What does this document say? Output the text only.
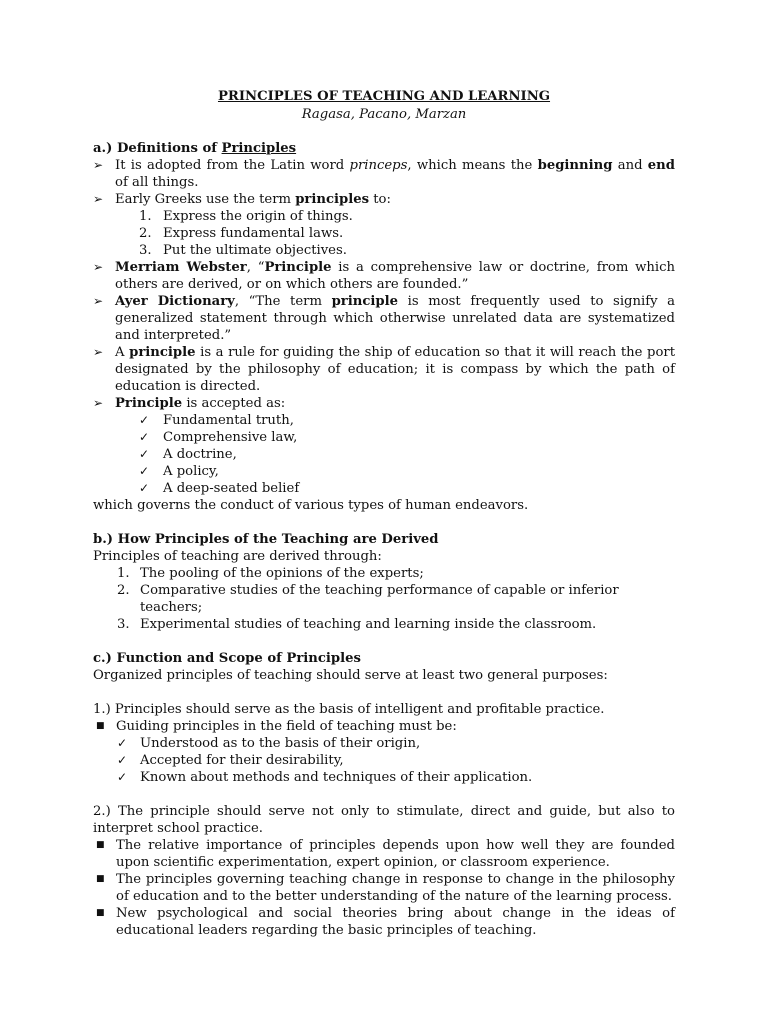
PRINCIPLES OF TEACHING AND LEARNING
Ragasa, Pacano, Marzan
a.) Definitions of Principles
➢ It is adopted from the Latin word princeps, which means the beginning and end of all things.
➢ Early Greeks use the term principles to:
1. Express the origin of things.
2. Express fundamental laws.
3. Put the ultimate objectives.
➢ Merriam Webster, “Principle is a comprehensive law or doctrine, from which others are derived, or on which others are founded.”
➢ Ayer Dictionary, “The term principle is most frequently used to signify a generalized statement through which otherwise unrelated data are systematized and interpreted.”
➢ A principle is a rule for guiding the ship of education so that it will reach the port designated by the philosophy of education; it is compass by which the path of education is directed.
➢ Principle is accepted as:
✓ Fundamental truth,
✓ Comprehensive law,
✓ A doctrine,
✓ A policy,
✓ A deep-seated belief
which governs the conduct of various types of human endeavors.
b.) How Principles of the Teaching are Derived
Principles of teaching are derived through:
1. The pooling of the opinions of the experts;
2. Comparative studies of the teaching performance of capable or inferior teachers;
3. Experimental studies of teaching and learning inside the classroom.
c.) Function and Scope of Principles
Organized principles of teaching should serve at least two general purposes:
1.) Principles should serve as the basis of intelligent and profitable practice.
■ Guiding principles in the field of teaching must be:
✓ Understood as to the basis of their origin,
✓ Accepted for their desirability,
✓ Known about methods and techniques of their application.
2.) The principle should serve not only to stimulate, direct and guide, but also to interpret school practice.
■ The relative importance of principles depends upon how well they are founded upon scientific experimentation, expert opinion, or classroom experience.
■ The principles governing teaching change in response to change in the philosophy of education and to the better understanding of the nature of the learning process.
■ New psychological and social theories bring about change in the ideas of educational leaders regarding the basic principles of teaching.
